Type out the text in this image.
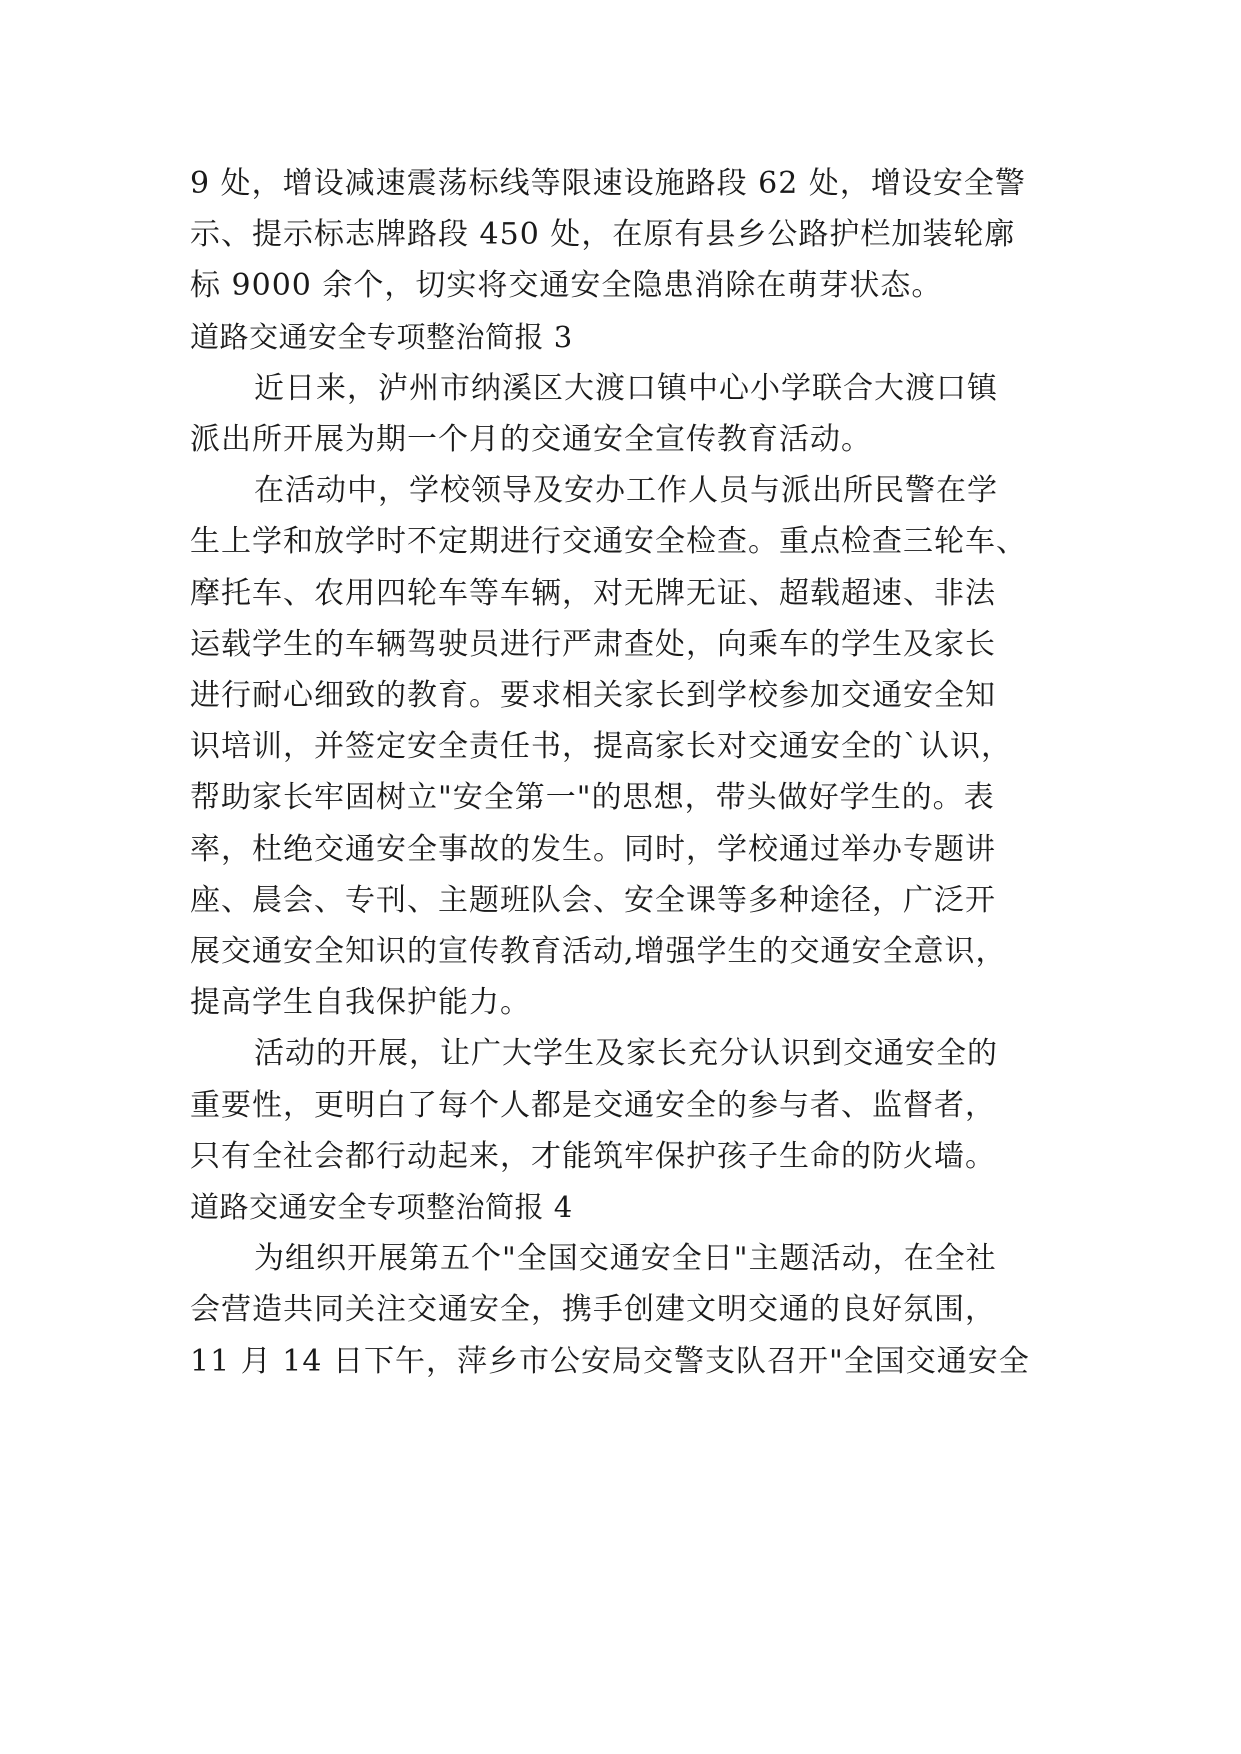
9 处，增设减速震荡标线等限速设施路段 62 处，增设安全警
示、提示标志牌路段 450 处，在原有县乡公路护栏加装轮廓
标 9000 余个，切实将交通安全隐患消除在萌芽状态。
道路交通安全专项整治简报 3
近日来，泸州市纳溪区大渡口镇中心小学联合大渡口镇
派出所开展为期一个月的交通安全宣传教育活动。
在活动中，学校领导及安办工作人员与派出所民警在学
生上学和放学时不定期进行交通安全检查。重点检查三轮车、
摩托车、农用四轮车等车辆，对无牌无证、超载超速、非法
运载学生的车辆驾驶员进行严肃查处，向乘车的学生及家长
进行耐心细致的教育。要求相关家长到学校参加交通安全知
识培训，并签定安全责任书，提高家长对交通安全的`认识，
帮助家长牢固树立"安全第一"的思想，带头做好学生的。表
率，杜绝交通安全事故的发生。同时，学校通过举办专题讲
座、晨会、专刊、主题班队会、安全课等多种途径，广泛开
展交通安全知识的宣传教育活动,增强学生的交通安全意识，
提高学生自我保护能力。
活动的开展，让广大学生及家长充分认识到交通安全的
重要性，更明白了每个人都是交通安全的参与者、监督者，
只有全社会都行动起来，才能筑牢保护孩子生命的防火墙。
道路交通安全专项整治简报 4
为组织开展第五个"全国交通安全日"主题活动，在全社
会营造共同关注交通安全，携手创建文明交通的良好氛围，
11 月 14 日下午，萍乡市公安局交警支队召开"全国交通安全
